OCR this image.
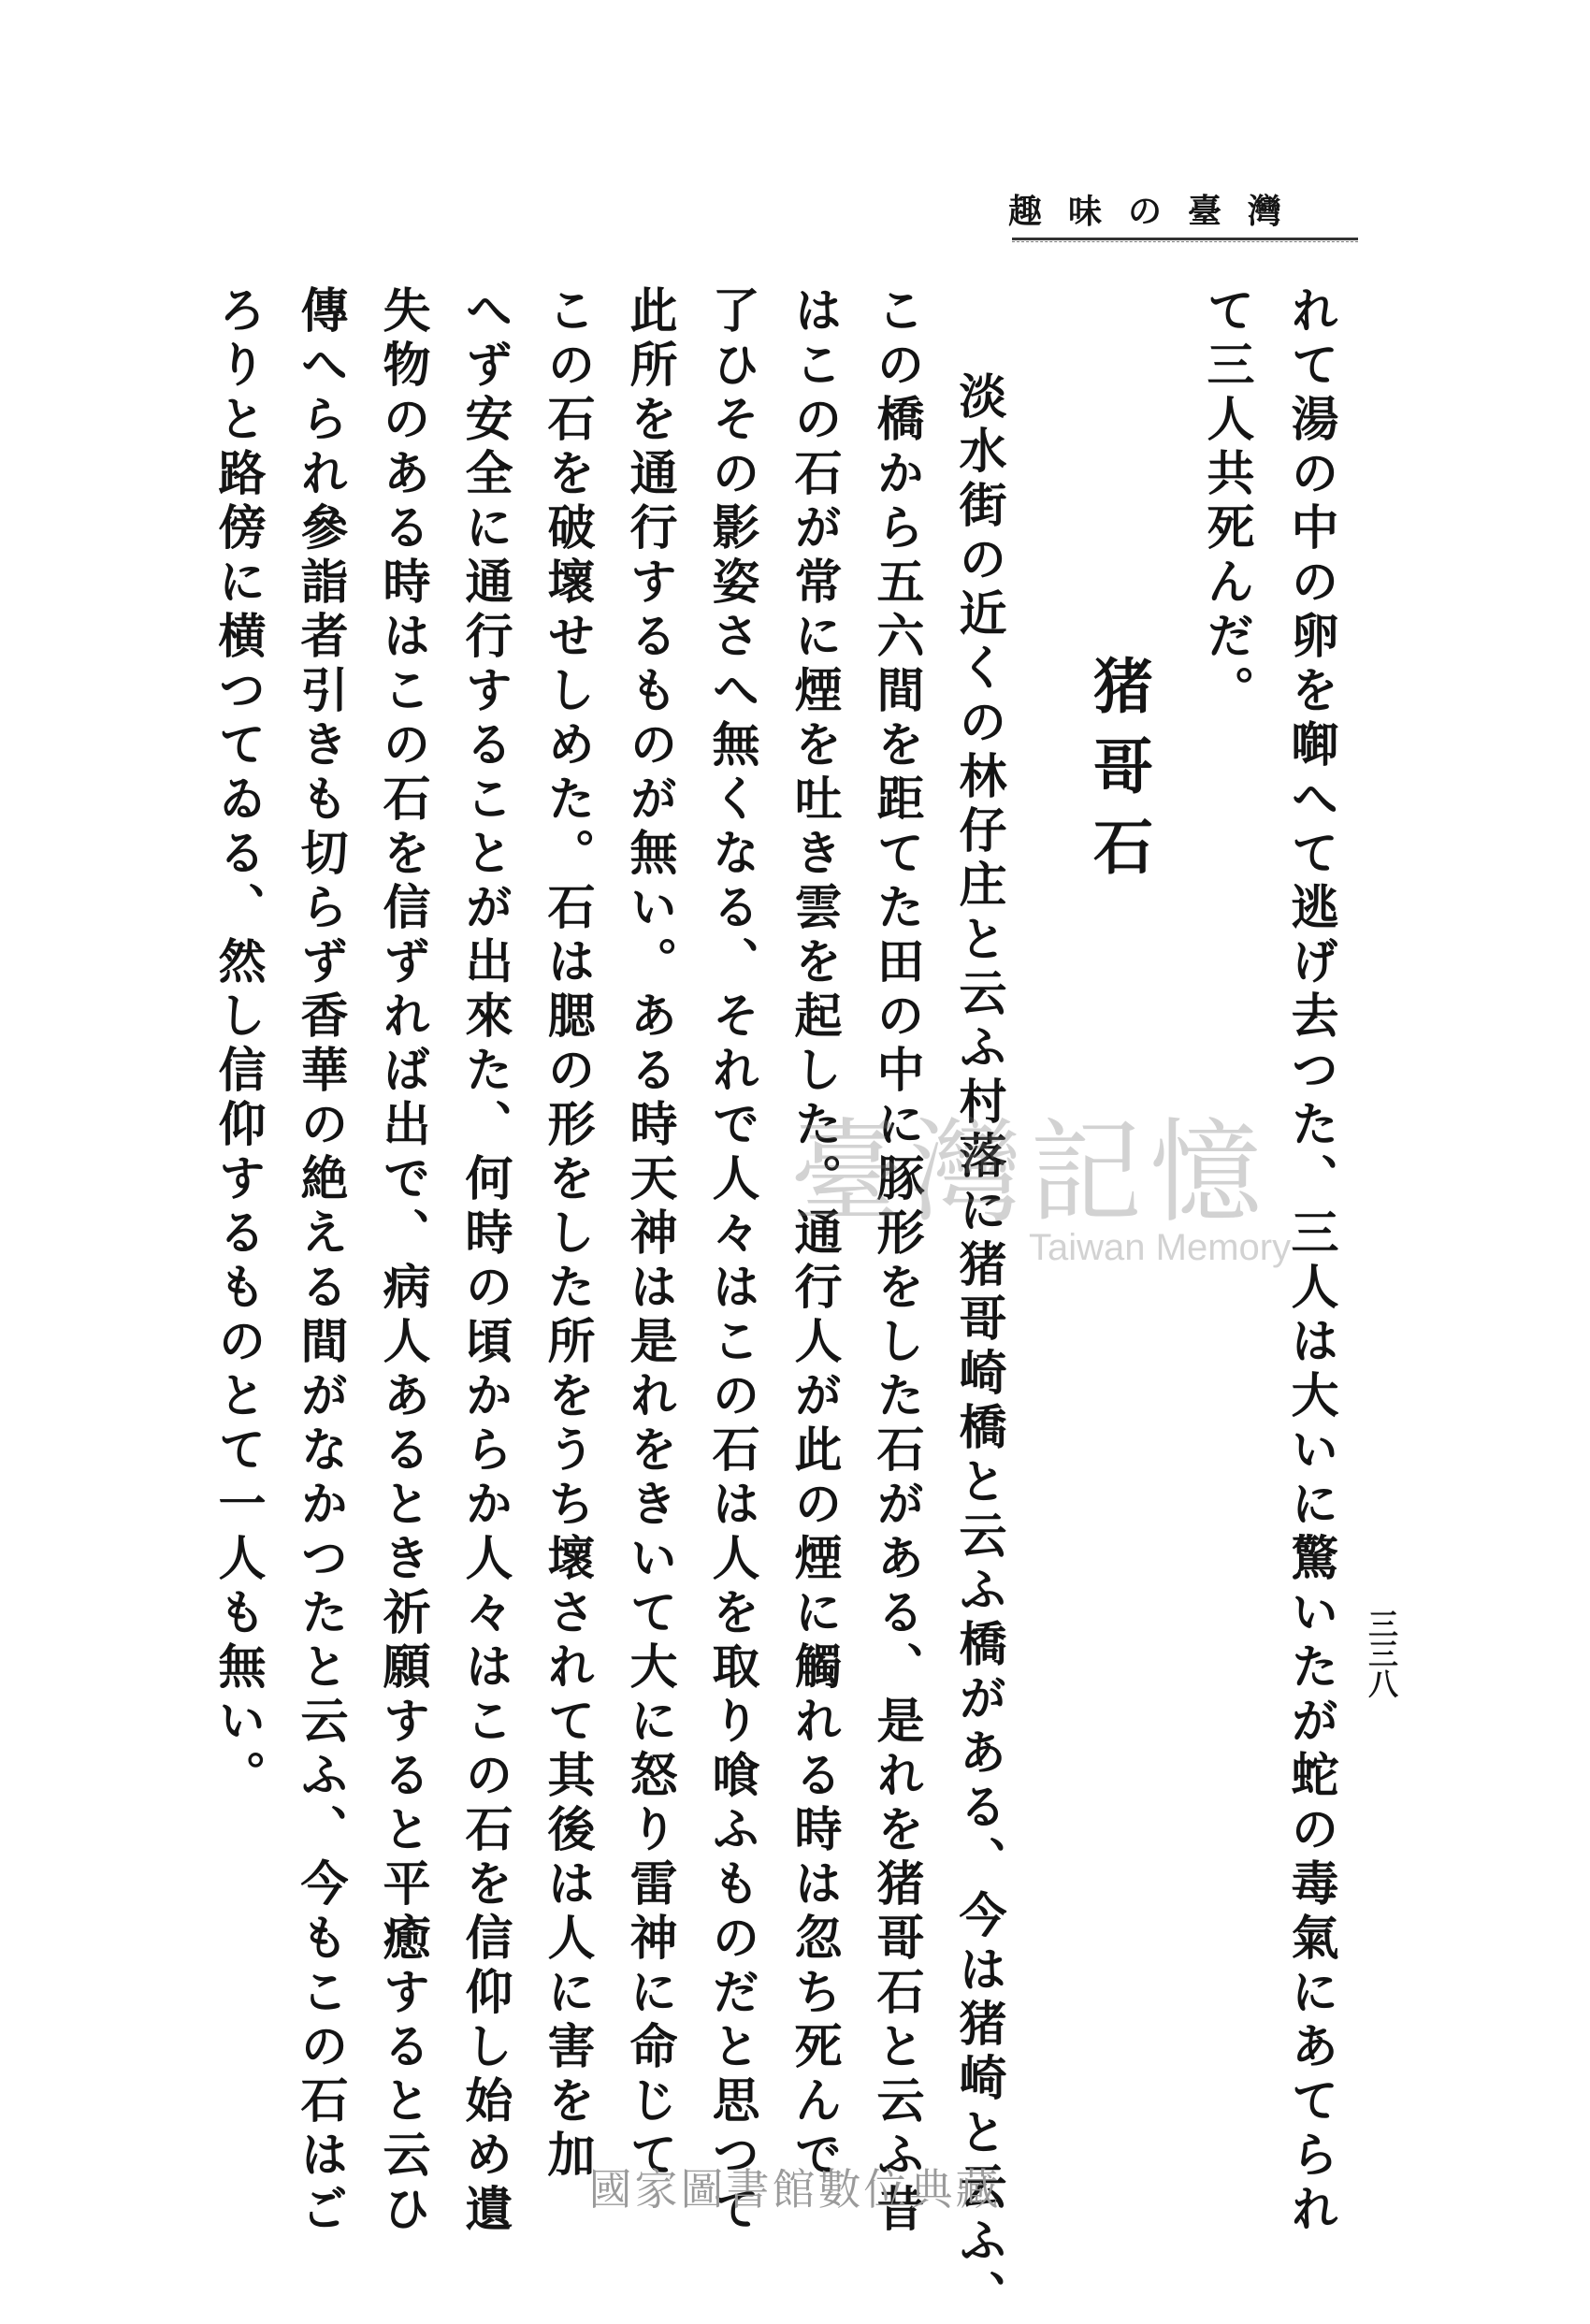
趣味の臺灣
三三八
れて湯の中の卵を啣へて逃げ去つた、三人は大いに驚いたが蛇の毒氣にあてられ
て三人共死んだ。
猪哥石
淡水街の近くの林仔庄と云ふ村落に猪哥崎橋と云ふ橋がある、今は猪崎と云ふ、
この橋から五六間を距てた田の中に豚形をした石がある、是れを猪哥石と云ふ昔
はこの石が常に煙を吐き雲を起した。通行人が此の煙に觸れる時は忽ち死んで
了ひその影姿さへ無くなる、それで人々はこの石は人を取り喰ふものだと思つて
此所を通行するものが無い。ある時天神は是れをきいて大に怒り雷神に命じて
この石を破壞せしめた。石は腮の形をした所をうち壞されて其後は人に害を加
へず安全に通行することが出來た、何時の頃からか人々はこの石を信仰し始め遺
失物のある時はこの石を信ずれば出で、病人あるとき祈願すると平癒すると云ひ
傳へられ參詣者引きも切らず香華の絶える間がなかつたと云ふ、今もこの石はご
ろりと路傍に横つてゐる、然し信仰するものとて一人も無い。	臺灣記憶
Taiwan Memory
國家圖書館數位典藏
